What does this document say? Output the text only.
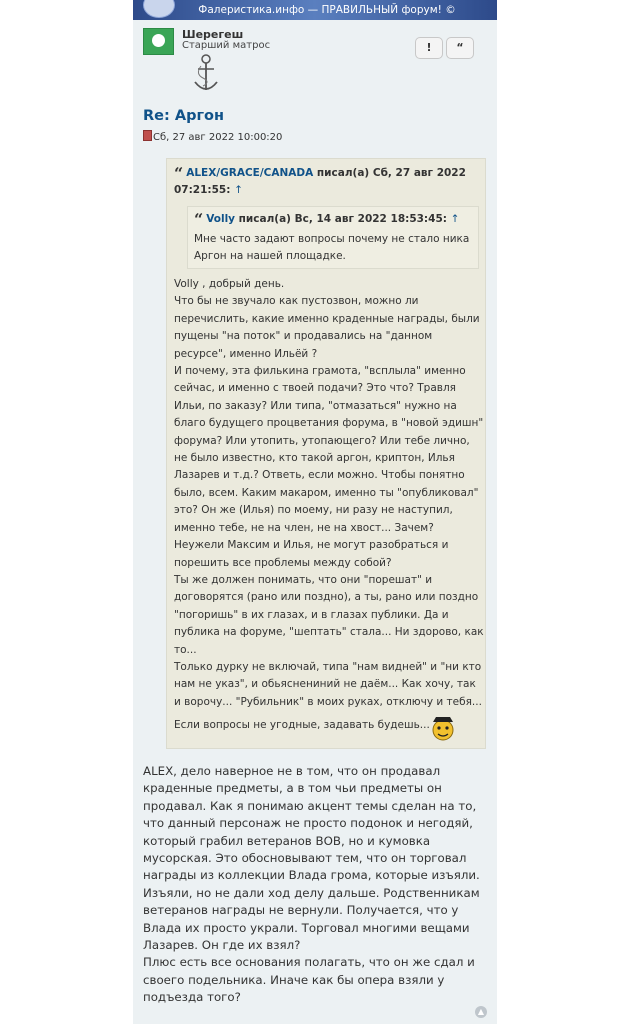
Фалеристика.инфо — ПРАВИЛЬНЫЙ форум! ©
Шерегеш
Старший матрос	!	“
Re: Аргон
Сб, 27 авг 2022 10:00:20
“ ALEX/GRACE/CANADA писал(а) Сб, 27 авг 2022 07:21:55: ↑
“ Volly писал(а) Вс, 14 авг 2022 18:53:45: ↑
Мне часто задают вопросы почему не стало ника Аргон на нашей площадке.

Volly , добрый день.

Что бы не звучало как пустозвон, можно ли перечислить, какие именно краденные награды, были пущены "на поток" и продавались на "данном ресурсе", именно Ильёй ?

И почему, эта филькина грамота, "всплыла" именно сейчас, и именно с твоей подачи? Это что? Травля Ильи, по заказу? Или типа, "отмазаться" нужно на благо будущего процветания форума, в "новой эдишн" форума? Или утопить, утопающего? Или тебе лично, не было известно, кто такой аргон, криптон, Илья Лазарев и т.д.? Ответь, если можно. Чтобы понятно было, всем. Каким макаром, именно ты "опубликовал" это? Он же (Илья) по моему, ни разу не наступил, именно тебе, не на член, не на хвост... Зачем?

Неужели Максим и Илья, не могут разобраться и порешить все проблемы между собой?

Ты же должен понимать, что они "порешат" и договорятся (рано или поздно), а ты, рано или поздно "погоришь" в их глазах, и в глазах публики. Да и публика на форуме, "шептать" стала... Ни здорово, как то...

Только дурку не включай, типа "нам видней" и "ни кто нам не указ", и обьяснениний не даём... Как хочу, так и ворочу... "Рубильник" в моих руках, отключу и тебя...

Если вопросы не угодные, задавать будешь...

ALEX, дело наверное не в том, что он продавал краденные предметы, а в том чьи предметы он продавал. Как я понимаю акцент темы сделан на то, что данный персонаж не просто подонок и негодяй, который грабил ветеранов ВОВ, но и кумовка мусорская. Это обосновывают тем, что он торговал награды из коллекции Влада грома, которые изъяли. Изъяли, но не дали ход делу дальше. Родственникам ветеранов награды не вернули. Получается, что у Влада их просто украли. Торговал многими вещами Лазарев. Он где их взял?

Плюс есть все основания полагать, что он же сдал и своего подельника. Иначе как бы опера взяли у подъезда того?

▲
